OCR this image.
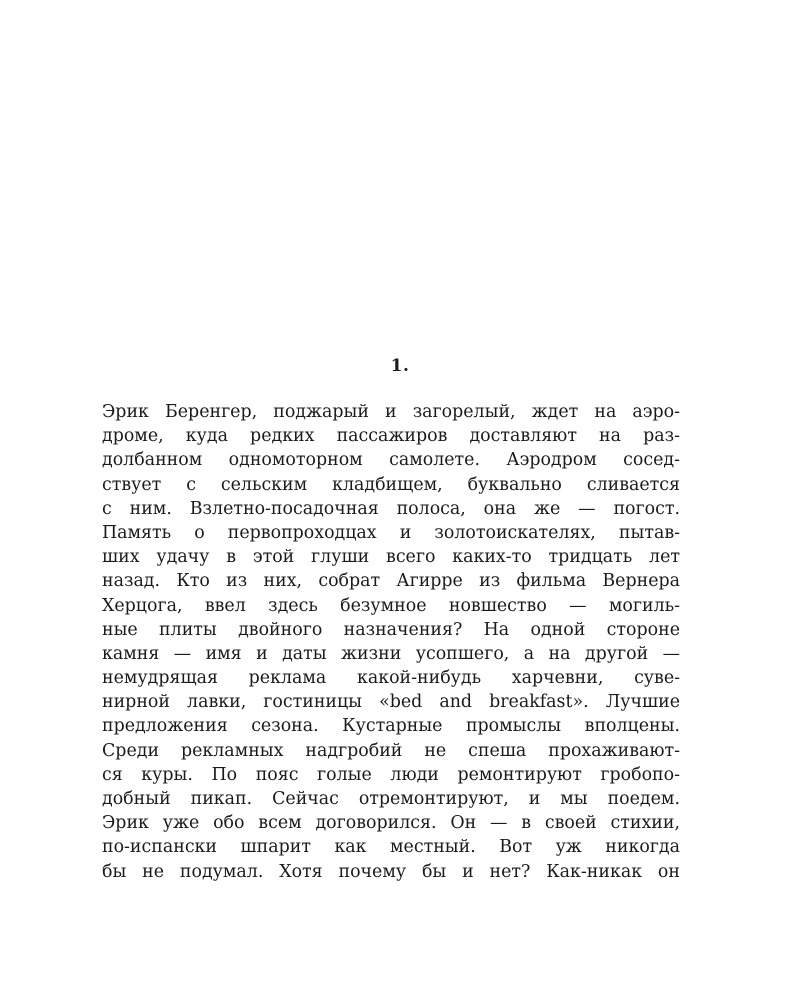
1.
Эрик Беренгер, поджарый и загорелый, ждет на аэро-
дроме, куда редких пассажиров доставляют на раз-
долбанном одномоторном самолете. Аэродром сосед-
ствует с сельским кладбищем, буквально сливается
с ним. Взлетно-посадочная полоса, она же — погост.
Память о первопроходцах и золотоискателях, пытав-
ших удачу в этой глуши всего каких-то тридцать лет
назад. Кто из них, собрат Агирре из фильма Вернера
Херцога, ввел здесь безумное новшество — могиль-
ные плиты двойного назначения? На одной стороне
камня — имя и даты жизни усопшего, а на другой —
немудрящая реклама какой-нибудь харчевни, суве-
нирной лавки, гостиницы «bed and breakfast». Лучшие
предложения сезона. Кустарные промыслы вполцены.
Среди рекламных надгробий не спеша прохаживают-
ся куры. По пояс голые люди ремонтируют гробопо-
добный пикап. Сейчас отремонтируют, и мы поедем.
Эрик уже обо всем договорился. Он — в своей стихии,
по-испански шпарит как местный. Вот уж никогда
бы не подумал. Хотя почему бы и нет? Как-никак он
